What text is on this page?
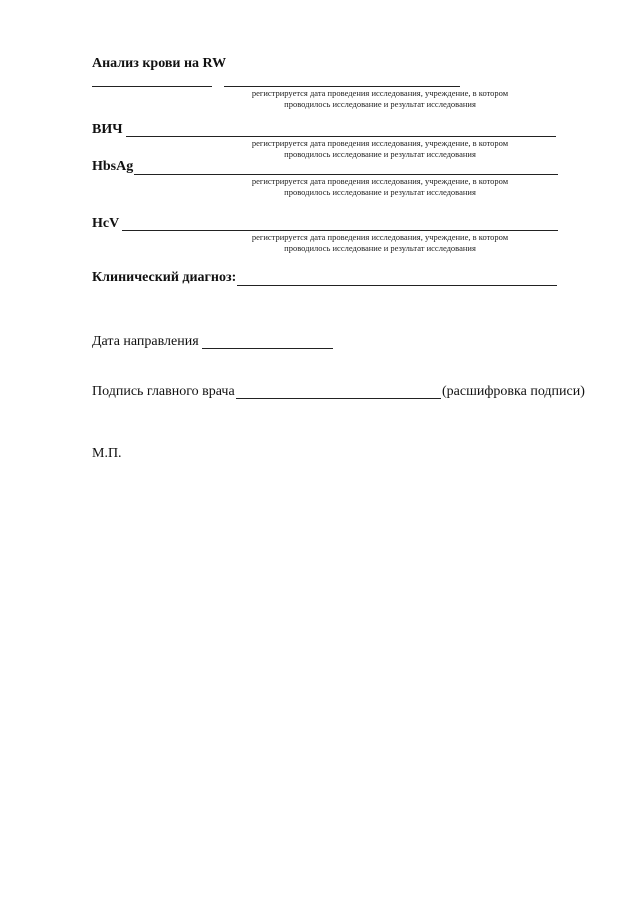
Анализ крови на RW
регистрируется дата проведения исследования, учреждение, в котором
проводилось исследование и результат исследования
ВИЧ
регистрируется дата проведения исследования, учреждение, в котором
проводилось исследование и результат исследования
HbsAg
регистрируется дата проведения исследования, учреждение, в котором
проводилось исследование и результат исследования
HcV
регистрируется дата проведения исследования, учреждение, в котором
проводилось исследование и результат исследования
Клинический диагноз:
Дата направления
Подпись главного врача	(расшифровка подписи)
М.П.
